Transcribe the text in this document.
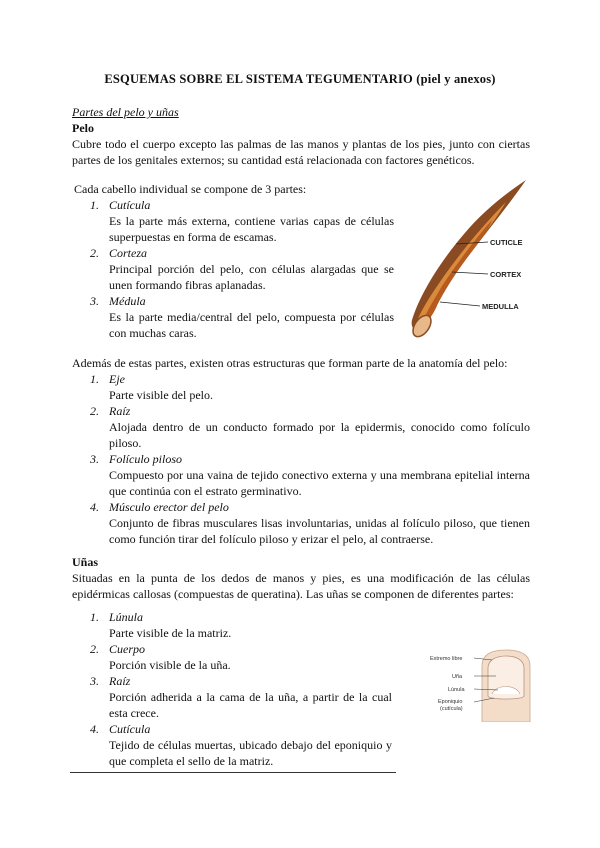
ESQUEMAS SOBRE EL SISTEMA TEGUMENTARIO (piel y anexos)
Partes del pelo y uñas
Pelo
Cubre todo el cuerpo excepto las palmas de las manos y plantas de los pies, junto con ciertas partes de los genitales externos; su cantidad está relacionada con factores genéticos.
Cada cabello individual se compone de 3 partes:
1. Cutícula
Es la parte más externa, contiene varias capas de células superpuestas en forma de escamas.
2. Corteza
Principal porción del pelo, con células alargadas que se unen formando fibras aplanadas.
3. Médula
Es la parte media/central del pelo, compuesta por células con muchas caras.
CUTICLE
CORTEX
MEDULLA
Además de estas partes, existen otras estructuras que forman parte de la anatomía del pelo:
1. Eje
Parte visible del pelo.
2. Raíz
Alojada dentro de un conducto formado por la epidermis, conocido como folículo piloso.
3. Folículo piloso
Compuesto por una vaina de tejido conectivo externa y una membrana epitelial interna que continúa con el estrato germinativo.
4. Músculo erector del pelo
Conjunto de fibras musculares lisas involuntarias, unidas al folículo piloso, que tienen como función tirar del folículo piloso y erizar el pelo, al contraerse.
Uñas
Situadas en la punta de los dedos de manos y pies, es una modificación de las células epidérmicas callosas (compuestas de queratina). Las uñas se componen de diferentes partes:
1. Lúnula
Parte visible de la matriz.
2. Cuerpo
Porción visible de la uña.
3. Raíz
Porción adherida a la cama de la uña, a partir de la cual esta crece.
4. Cutícula
Tejido de células muertas, ubicado debajo del eponiquio y que completa el sello de la matriz.
Extremo libre
Uña
Lúnula
Eponiquio
(cutícula)
